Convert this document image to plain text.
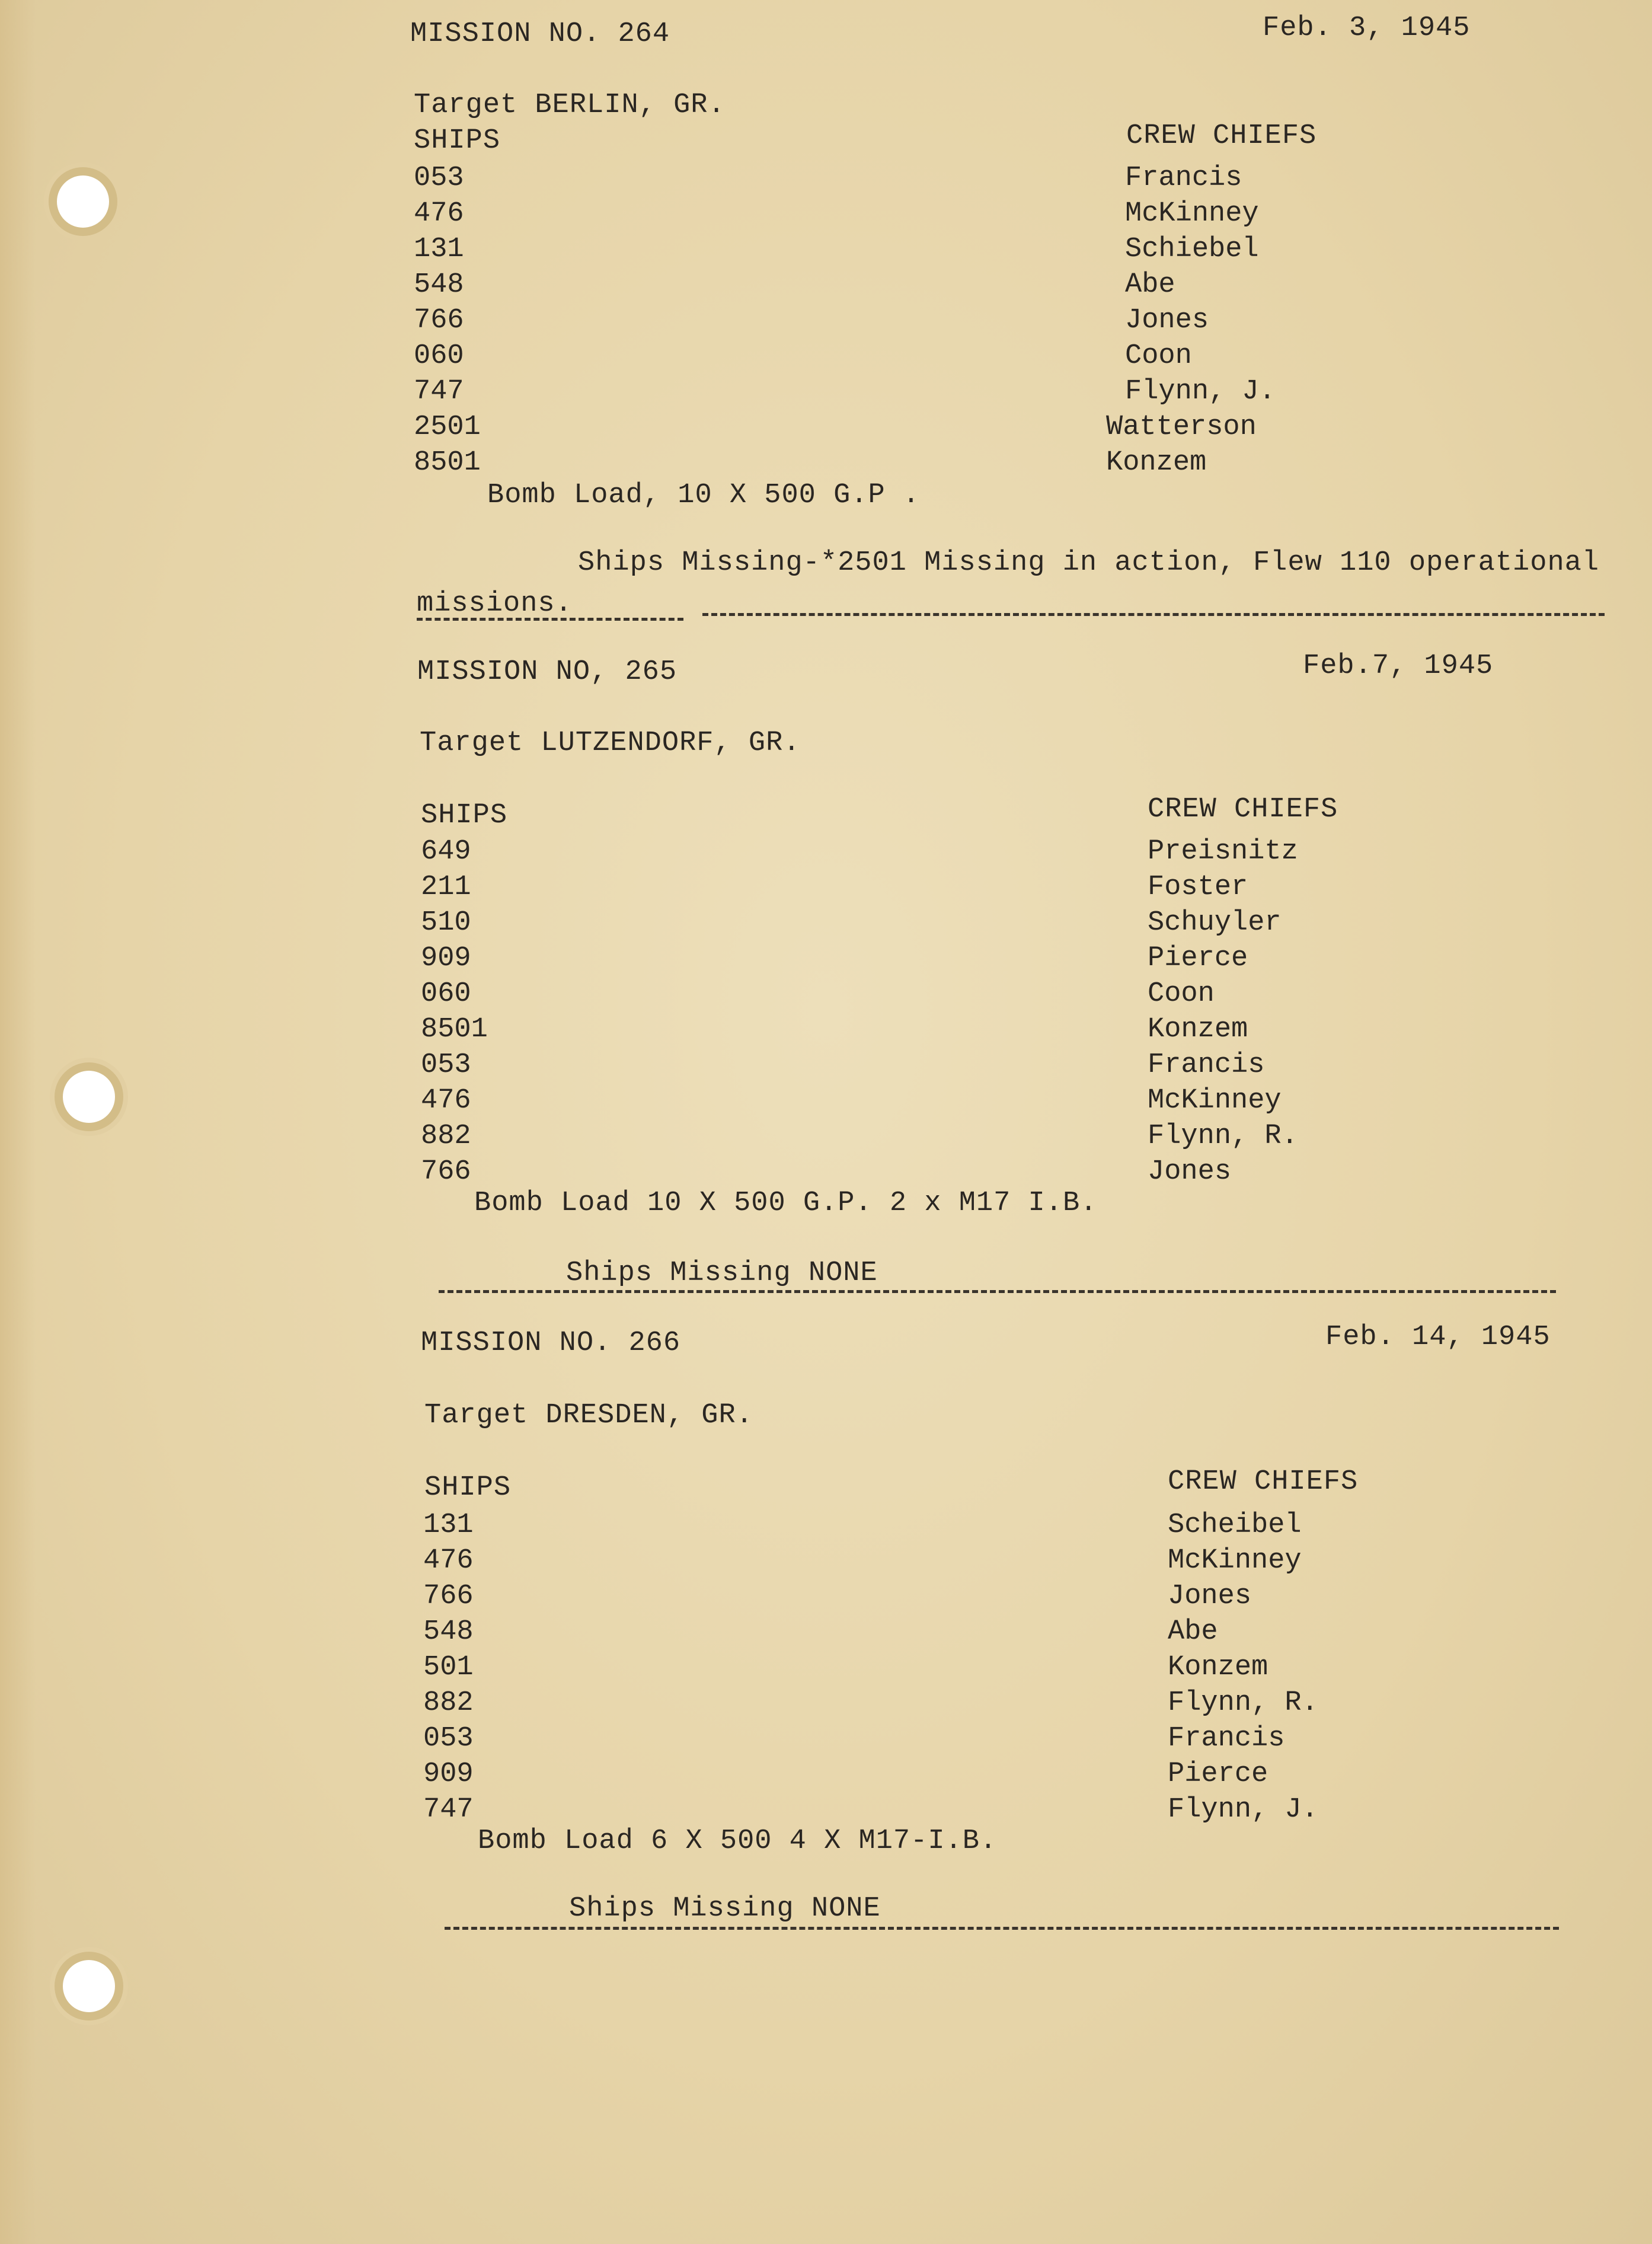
MISSION NO. 264	Feb. 3, 1945
Target BERLIN, GR.
SHIPS	CREW CHIEFS
053	Francis
476	McKinney
131	Schiebel
548	Abe
766	Jones
060	Coon
747	Flynn, J.
2501	Watterson
8501	Konzem
Bomb Load, 10 X 500 G.P .
Ships Missing-*2501 Missing in action, Flew 110 operational
missions.
MISSION NO, 265	Feb.7, 1945
Target LUTZENDORF, GR.
SHIPS	CREW CHIEFS
649	Preisnitz
211	Foster
510	Schuyler
909	Pierce
060	Coon
8501	Konzem
053	Francis
476	McKinney
882	Flynn, R.
766	Jones
Bomb Load 10 X 500 G.P. 2 x M17 I.B.
Ships Missing NONE
MISSION NO. 266	Feb. 14, 1945
Target DRESDEN, GR.
SHIPS	CREW CHIEFS
131	Scheibel
476	McKinney
766	Jones
548	Abe
501	Konzem
882	Flynn, R.
053	Francis
909	Pierce
747	Flynn, J.
Bomb Load 6 X 500 4 X M17-I.B.
Ships Missing NONE
